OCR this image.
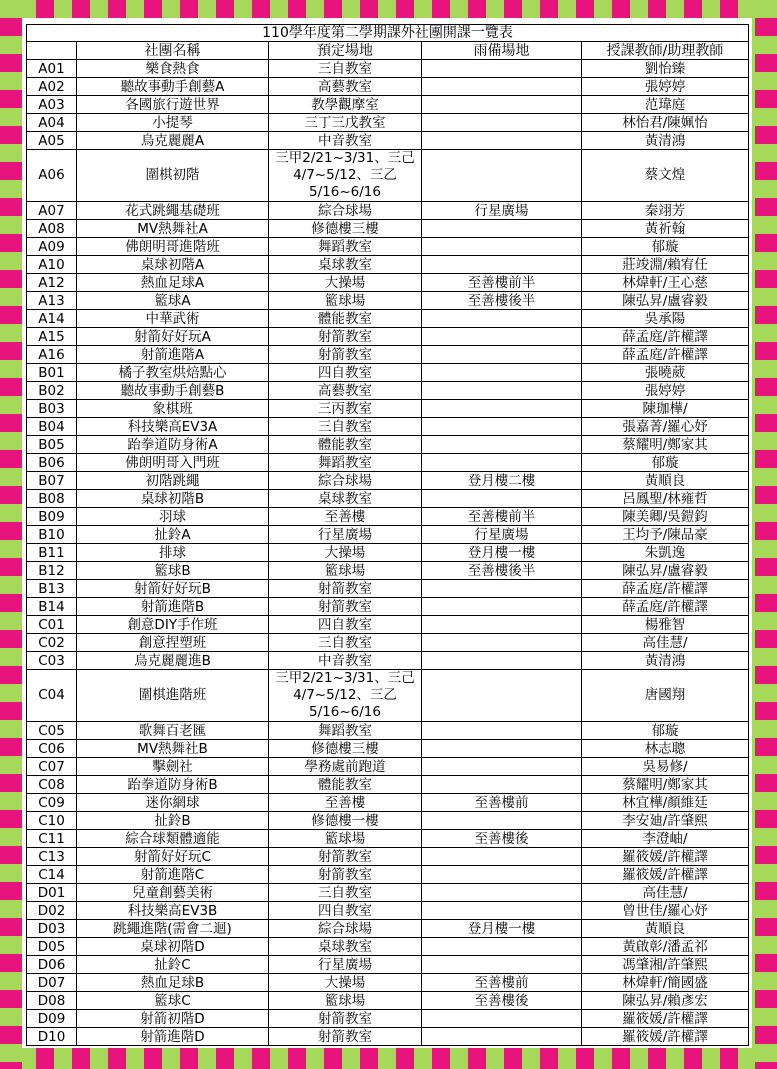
110學年度第二學期課外社團開課一覽表				
	社團名稱	預定場地	雨備場地	授課教師/助理教師
A01	樂食熱食	三自教室		劉怡臻
A02	聽故事動手創藝A	高藝教室		張婷婷
A03	各國旅行遊世界	教學觀摩室		范瑋庭
A04	小提琴	三丁三戊教室		林怡君/陳姵怡
A05	烏克麗麗A	中音教室		黃清鴻
A06	圍棋初階	三甲2/21~3/31、三己4/7~5/12、三乙5/16~6/16		蔡文煌
A07	花式跳繩基礎班	綜合球場	行星廣場	秦翊芳
A08	MV熱舞社A	修德樓三樓		黃祈翰
A09	佛朗明哥進階班	舞蹈教室		郁璇
A10	桌球初階A	桌球教室		莊竣淵/賴宥任
A12	熱血足球A	大操場	至善樓前半	林煒軒/王心慈
A13	籃球A	籃球場	至善樓後半	陳弘昇/盧睿毅
A14	中華武術	體能教室		吳承陽
A15	射箭好好玩A	射箭教室		薛孟庭/許權譯
A16	射箭進階A	射箭教室		薛孟庭/許權譯
B01	橘子教室烘焙點心	四自教室		張曉葳
B02	聽故事動手創藝B	高藝教室		張婷婷
B03	象棋班	三丙教室		陳珈樺/
B04	科技樂高EV3A	三自教室		張嘉菁/羅心妤
B05	跆拳道防身術A	體能教室		蔡耀明/鄭家其
B06	佛朗明哥入門班	舞蹈教室		郁璇
B07	初階跳繩	綜合球場	登月樓二樓	黃順良
B08	桌球初階B	桌球教室		呂鳳聖/林雍哲
B09	羽球	至善樓	至善樓前半	陳美卿/吳鎧鈞
B10	扯鈴A	行星廣場	行星廣場	王均予/陳品豪
B11	排球	大操場	登月樓一樓	朱凱逸
B12	籃球B	籃球場	至善樓後半	陳弘昇/盧睿毅
B13	射箭好好玩B	射箭教室		薛孟庭/許權譯
B14	射箭進階B	射箭教室		薛孟庭/許權譯
C01	創意DIY手作班	四自教室		楊雅智
C02	創意捏塑班	三自教室		高佳慧/
C03	烏克麗麗進B	中音教室		黃清鴻
C04	圍棋進階班	三甲2/21~3/31、三己4/7~5/12、三乙5/16~6/16		唐國翔
C05	歌舞百老匯	舞蹈教室		郁璇
C06	MV熱舞社B	修德樓三樓		林志聰
C07	擊劍社	學務處前跑道		吳易修/
C08	跆拳道防身術B	體能教室		蔡耀明/鄭家其
C09	迷你網球	至善樓	至善樓前	林宜樺/顏維廷
C10	扯鈴B	修德樓一樓		李安廸/許肇熙
C11	綜合球類體適能	籃球場	至善樓後	李澄岫/
C13	射箭好好玩C	射箭教室		羅筱媛/許權譯
C14	射箭進階C	射箭教室		羅筱媛/許權譯
D01	兒童創藝美術	三自教室		高佳慧/
D02	科技樂高EV3B	四自教室		曾世佳/羅心妤
D03	跳繩進階(需會二迴)	綜合球場	登月樓一樓	黃順良
D05	桌球初階D	桌球教室		黃啟彰/潘孟祁
D06	扯鈴C	行星廣場		馮肇湘/許肇熙
D07	熱血足球B	大操場	至善樓前	林煒軒/簡國盛
D08	籃球C	籃球場	至善樓後	陳弘昇/賴彥宏
D09	射箭初階D	射箭教室		羅筱媛/許權譯
D10	射箭進階D	射箭教室		羅筱媛/許權譯
